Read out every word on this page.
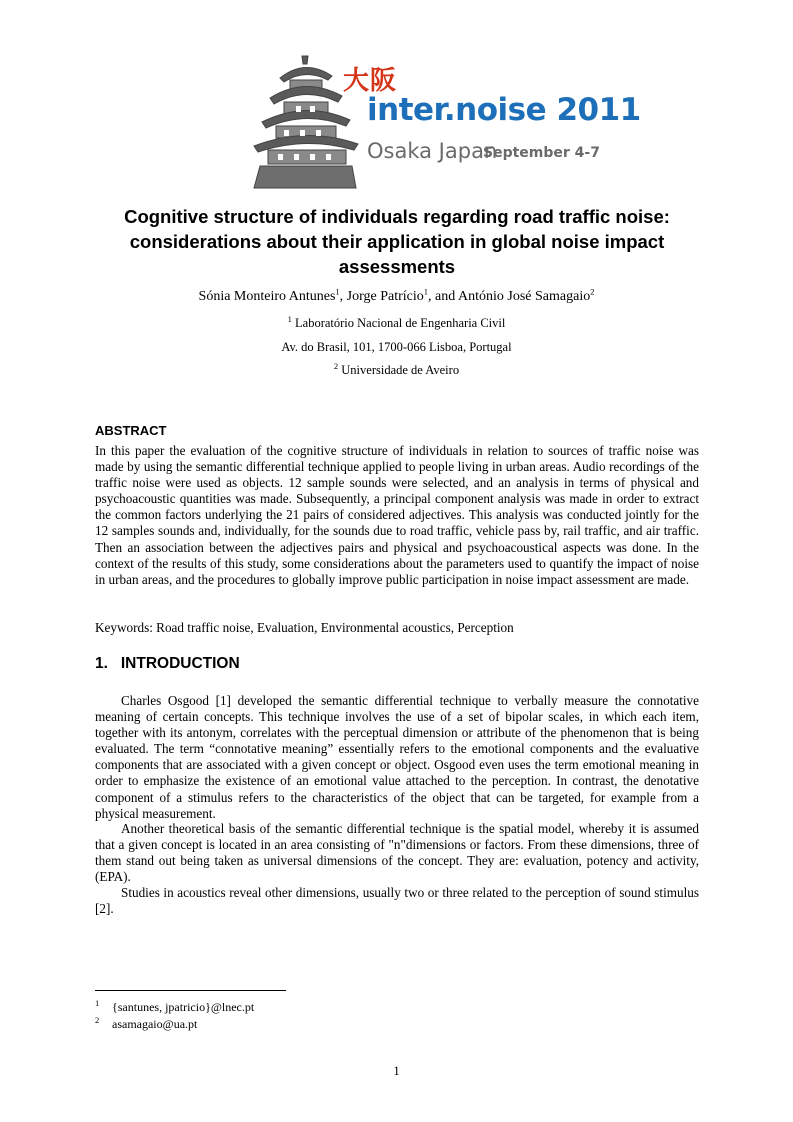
大阪
inter.noise 2011
Osaka Japan
September 4-7
Cognitive structure of individuals regarding road traffic noise: considerations about their application in global noise impact assessments
Sónia Monteiro Antunes$^1$, Jorge Patrício$^1$, and António José Samagaio$^2$
$^1$ Laboratório Nacional de Engenharia Civil
Av. do Brasil, 101, 1700-066 Lisboa, Portugal
$^2$ Universidade de Aveiro
ABSTRACT
In this paper the evaluation of the cognitive structure of individuals in relation to sources of traffic noise was made by using the semantic differential technique applied to people living in urban areas. Audio recordings of the traffic noise were used as objects. 12 sample sounds were selected, and an analysis in terms of physical and psychoacoustic quantities was made. Subsequently, a principal component analysis was made in order to extract the common factors underlying the 21 pairs of considered adjectives. This analysis was conducted jointly for the 12 samples sounds and, individually, for the sounds due to road traffic, vehicle pass by, rail traffic, and air traffic. Then an association between the adjectives pairs and physical and psychoacoustical aspects was done. In the context of the results of this study, some considerations about the parameters used to quantify the impact of noise in urban areas, and the procedures to globally improve public participation in noise impact assessment are made.
Keywords: Road traffic noise, Evaluation, Environmental acoustics, Perception
1.   INTRODUCTION
Charles Osgood [1] developed the semantic differential technique to verbally measure the connotative meaning of certain concepts. This technique involves the use of a set of bipolar scales, in which each item, together with its antonym, correlates with the perceptual dimension or attribute of the phenomenon that is being evaluated. The term “connotative meaning” essentially refers to the emotional components and the evaluative components that are associated with a given concept or object. Osgood even uses the term emotional meaning in order to emphasize the existence of an emotional value attached to the perception. In contrast, the denotative component of a stimulus refers to the characteristics of the object that can be targeted, for example from a physical measurement.
Another theoretical basis of the semantic differential technique is the spatial model, whereby it is assumed that a given concept is located in an area consisting of "n"dimensions or factors. From these dimensions, three of them stand out being taken as universal dimensions of the concept. They are: evaluation, potency and activity, (EPA).
Studies in acoustics reveal other dimensions, usually two or three related to the perception of sound stimulus [2].
1 {santunes, jpatricio}@lnec.pt
2 asamagaio@ua.pt
1
